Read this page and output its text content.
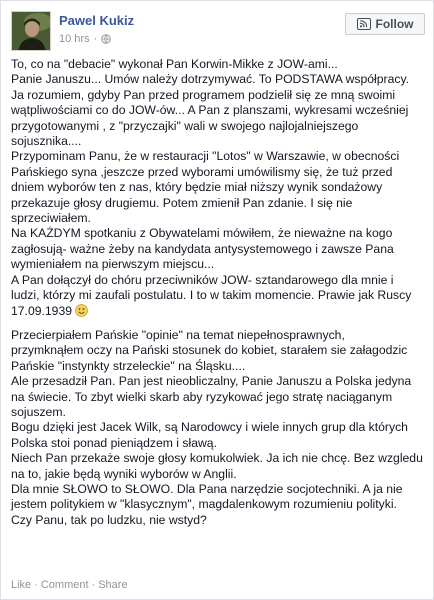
Pawel Kukiz
10 hrs ·
Follow
To, co na "debacie" wykonał Pan Korwin-Mikke z JOW-ami...
Panie Januszu... Umów należy dotrzymywać. To PODSTAWA współpracy.
Ja rozumiem, gdyby Pan przed programem podzielił się ze mną swoimi
wątpliwościami co do JOW-ów... A Pan z planszami, wykresami wcześniej
przygotowanymi , z "przyczajki" wali w swojego najlojalniejszego
sojusznika....
Przypominam Panu, że w restauracji "Lotos" w Warszawie, w obecności
Pańskiego syna ,jeszcze przed wyborami umówilismy się, że tuż przed
dniem wyborów ten z nas, który będzie miał niższy wynik sondażowy
przekazuje głosy drugiemu. Potem zmienił Pan zdanie. I się nie
sprzeciwiałem.
Na KAŻDYM spotkaniu z Obywatelami mówiłem, że nieważne na kogo
zagłosują- ważne żeby na kandydata antysystemowego i zawsze Pana
wymieniałem na pierwszym miejscu...
A Pan dołączył do chóru przeciwników JOW- sztandarowego dla mnie i
ludzi, którzy mi zaufali postulatu. I to w takim momencie. Prawie jak Ruscy
17.09.1939
Przecierpiałem Pańskie "opinie" na temat niepełnosprawnych,
przymknąłem oczy na Pański stosunek do kobiet, starałem sie załagodzic
Pańskie "instynkty strzeleckie" na Śląsku....
Ale przesadził Pan. Pan jest nieobliczalny, Panie Januszu a Polska jedyna
na świecie. To zbyt wielki skarb aby ryzykować jego stratę naciąganym
sojuszem.
Bogu dzięki jest Jacek Wilk, są Narodowcy i wiele innych grup dla których
Polska stoi ponad pieniądzem i sławą.
Niech Pan przekaże swoje głosy komukolwiek. Ja ich nie chcę. Bez wzgledu
na to, jakie będą wyniki wyborów w Anglii.
Dla mnie SŁOWO to SŁOWO. Dla Pana narzędzie socjotechniki. A ja nie
jestem politykiem w "klasycznym", magdalenkowym rozumieniu polityki.
Czy Panu, tak po ludzku, nie wstyd?
Like · Comment · Share
